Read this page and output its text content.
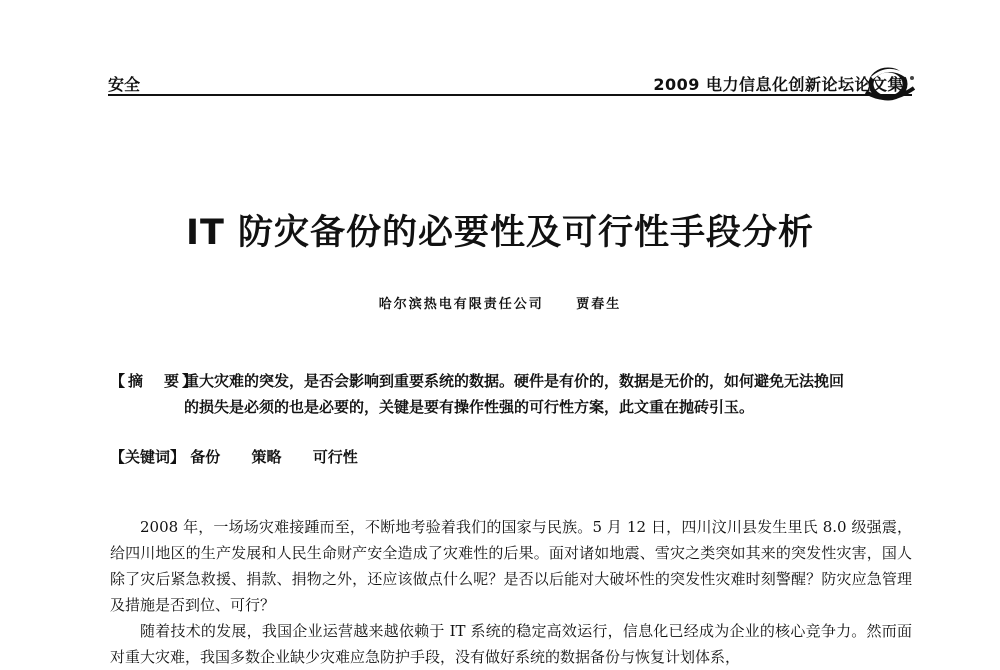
安全	2009 电力信息化创新论坛论文集
IT 防灾备份的必要性及可行性手段分析
哈尔滨热电有限责任公司	贾春生
【摘　要】
重大灾难的突发，是否会影响到重要系统的数据。硬件是有价的，数据是无价的，如何避免无法挽回的损失是必须的也是必要的，关键是要有操作性强的可行性方案，此文重在抛砖引玉。
【关键词】 备份 策略 可行性

2008 年，一场场灾难接踵而至，不断地考验着我们的国家与民族。5 月 12 日，四川汶川县发生里氏 8.0 级强震，给四川地区的生产发展和人民生命财产安全造成了灾难性的后果。面对诸如地震、雪灾之类突如其来的突发性灾害，国人除了灾后紧急救援、捐款、捐物之外，还应该做点什么呢？是否以后能对大破坏性的突发性灾难时刻警醒？防灾应急管理及措施是否到位、可行？

随着技术的发展，我国企业运营越来越依赖于 IT 系统的稳定高效运行，信息化已经成为企业的核心竞争力。然而面对重大灾难，我国多数企业缺少灾难应急防护手段，没有做好系统的数据备份与恢复计划体系，
